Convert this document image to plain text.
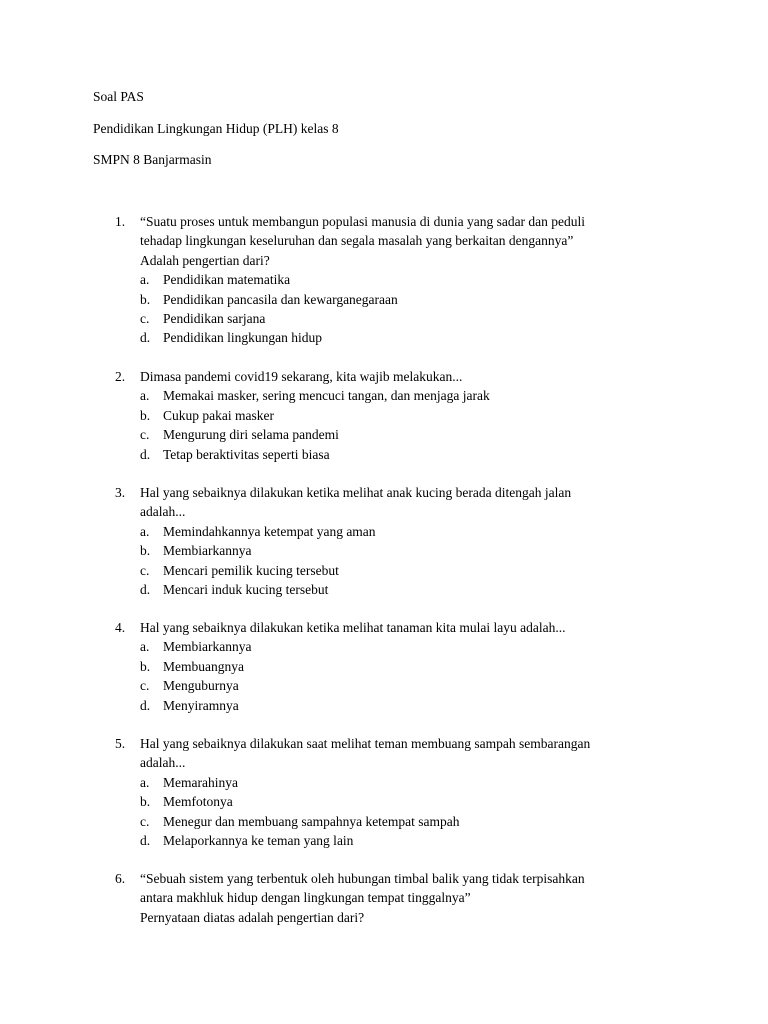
Soal PAS
Pendidikan Lingkungan Hidup (PLH) kelas 8
SMPN 8 Banjarmasin
1.	“Suatu proses untuk membangun populasi manusia di dunia yang sadar dan peduli
tehadap lingkungan keseluruhan dan segala masalah yang berkaitan dengannya”
Adalah pengertian dari?
a. Pendidikan matematika
b. Pendidikan pancasila dan kewarganegaraan
c. Pendidikan sarjana
d. Pendidikan lingkungan hidup
2.	Dimasa pandemi covid19 sekarang, kita wajib melakukan...
a. Memakai masker, sering mencuci tangan, dan menjaga jarak
b. Cukup pakai masker
c. Mengurung diri selama pandemi
d. Tetap beraktivitas seperti biasa
3.	Hal yang sebaiknya dilakukan ketika melihat anak kucing berada ditengah jalan
adalah...
a. Memindahkannya ketempat yang aman
b. Membiarkannya
c. Mencari pemilik kucing tersebut
d. Mencari induk kucing tersebut
4.	Hal yang sebaiknya dilakukan ketika melihat tanaman kita mulai layu adalah...
a. Membiarkannya
b. Membuangnya
c. Menguburnya
d. Menyiramnya
5.	Hal yang sebaiknya dilakukan saat melihat teman membuang sampah sembarangan
adalah...
a. Memarahinya
b. Memfotonya
c. Menegur dan membuang sampahnya ketempat sampah
d. Melaporkannya ke teman yang lain
6.	“Sebuah sistem yang terbentuk oleh hubungan timbal balik yang tidak terpisahkan
antara makhluk hidup dengan lingkungan tempat tinggalnya”
Pernyataan diatas adalah pengertian dari?
